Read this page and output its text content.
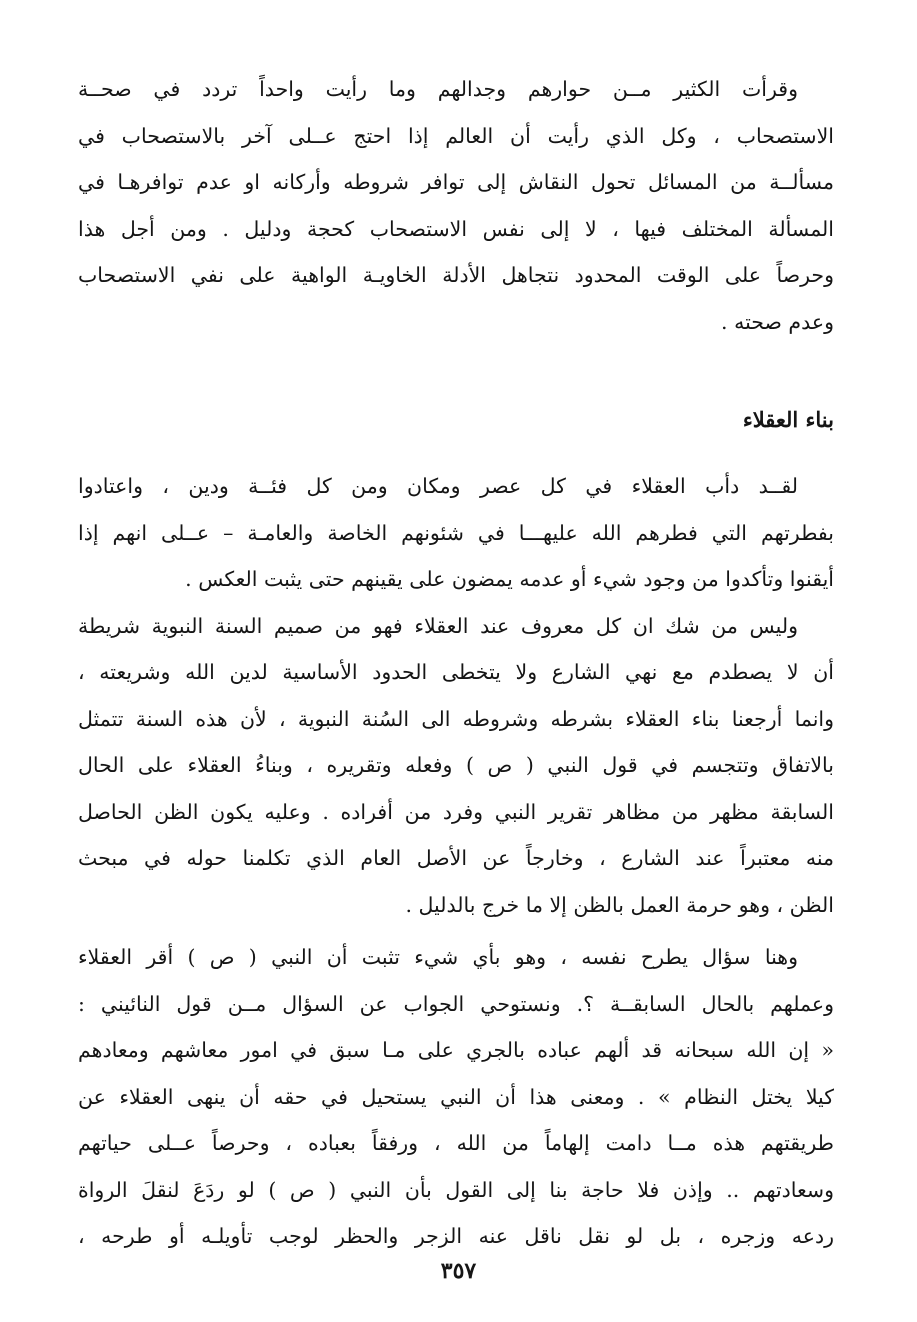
وقرأت الكثير مــن حوارهم وجدالهم وما رأيت واحداً تردد في صحــة
الاستصحاب ، وكل الذي رأيت أن العالم إذا احتج عــلى آخر بالاستصحاب في
مسألــة من المسائل تحول النقاش إلى توافر شروطه وأركانه او عدم توافرهـا في
المسألة المختلف فيها ، لا إلى نفس الاستصحاب كحجة ودليل . ومن أجل هذا
وحرصاً على الوقت المحدود نتجاهل الأدلة الخاويـة الواهية على نفي الاستصحاب
وعدم صحته .

بناء العقلاء

لقــد دأب العقلاء في كل عصر ومكان ومن كل فئــة ودين ، واعتادوا
بفطرتهم التي فطرهم الله عليهـــا في شئونهم الخاصة والعامـة – عــلى انهم إذا
أيقنوا وتأكدوا من وجود شيء أو عدمه يمضون على يقينهم حتى يثبت العكس .

وليس من شك ان كل معروف عند العقلاء فهو من صميم السنة النبوية شريطة
أن لا يصطدم مع نهي الشارع ولا يتخطى الحدود الأساسية لدين الله وشريعته ،
وانما أرجعنا بناء العقلاء بشرطه وشروطه الى السُنة النبوية ، لأن هذه السنة تتمثل
بالاتفاق وتتجسم في قول النبي ( ص ) وفعله وتقريره ، وبناءُ العقلاء على الحال
السابقة مظهر من مظاهر تقرير النبي وفرد من أفراده . وعليه يكون الظن الحاصل
منه معتبراً عند الشارع ، وخارجاً عن الأصل العام الذي تكلمنا حوله في مبحث
الظن ، وهو حرمة العمل بالظن إلا ما خرج بالدليل .

وهنا سؤال يطرح نفسه ، وهو بأي شيء تثبت أن النبي ( ص ) أقر العقلاء
وعملهم بالحال السابقــة ؟. ونستوحي الجواب عن السؤال مــن قول النائيني :
« إن الله سبحانه قد ألهم عباده بالجري على مـا سبق في امور معاشهم ومعادهم
كيلا يختل النظام » . ومعنى هذا أن النبي يستحيل في حقه أن ينهى العقلاء عن
طريقتهم هذه مــا دامت إلهاماً من الله ، ورفقاً بعباده ، وحرصاً عــلى حياتهم
وسعادتهم .. وإذن فلا حاجة بنا إلى القول بأن النبي ( ص ) لو ردَعَ لنقلَ الرواة
ردعه وزجره ، بل لو نقل ناقل عنه الزجر والحظر لوجب تأويلـه أو طرحه ،

٣٥٧
